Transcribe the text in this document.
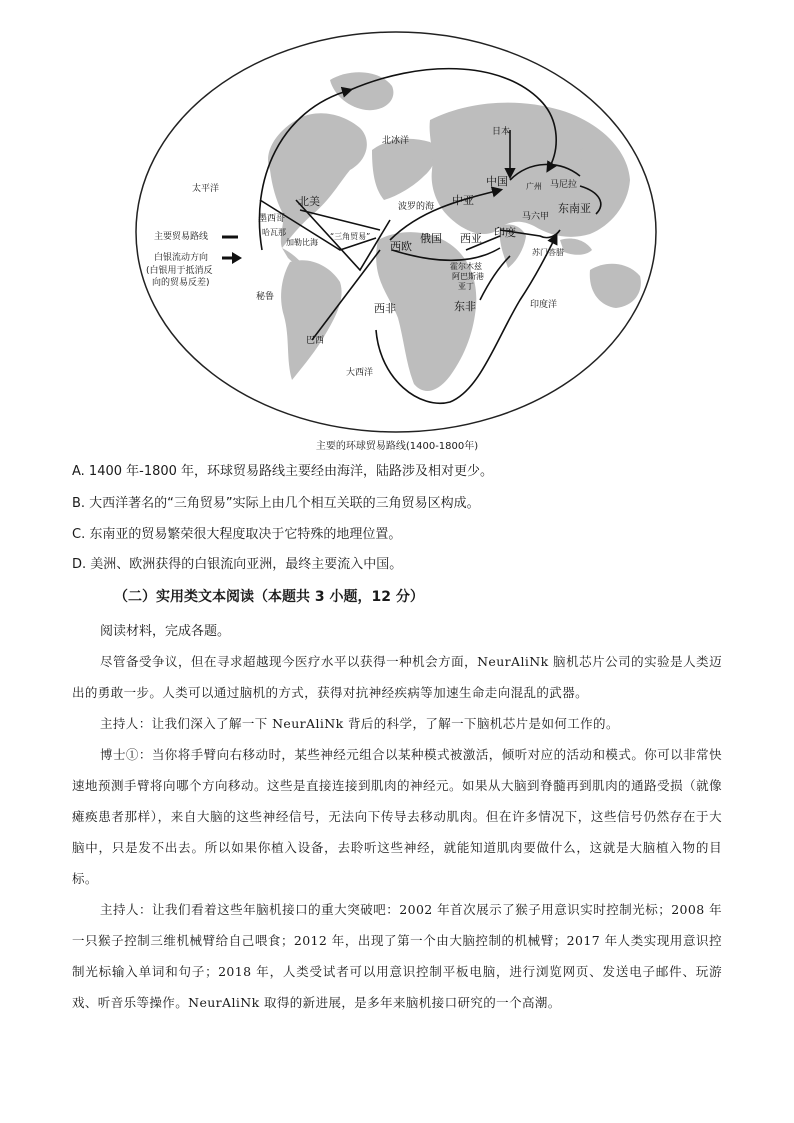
太平洋
北冰洋
日本
中国 广州 马尼拉
东南亚
马六甲
中亚
波罗的海
北美
墨西哥
哈瓦那
加勒比海
“三角贸易”
西欧
俄国 西亚 印度
苏门答腊
霍尔木兹
阿巴斯港
亚丁
秘鲁
西非	东非	印度洋
巴西
大西洋
主要贸易路线
白银流动方向
(白银用于抵消反
向的贸易反差)
主要的环球贸易路线(1400-1800年)
A. 1400 年-1800 年，环球贸易路线主要经由海洋，陆路涉及相对更少。
B. 大西洋著名的“三角贸易”实际上由几个相互关联的三角贸易区构成。
C. 东南亚的贸易繁荣很大程度取决于它特殊的地理位置。
D. 美洲、欧洲获得的白银流向亚洲，最终主要流入中国。
（二）实用类文本阅读（本题共 3 小题，12 分）
阅读材料，完成各题。
尽管备受争议，但在寻求超越现今医疗水平以获得一种机会方面，NeurAliNk 脑机芯片公司的实验是人类迈出的勇敢一步。人类可以通过脑机的方式，获得对抗神经疾病等加速生命走向混乱的武器。
主持人：让我们深入了解一下 NeurAliNk 背后的科学，了解一下脑机芯片是如何工作的。
博士①：当你将手臂向右移动时，某些神经元组合以某种模式被激活，倾听对应的活动和模式。你可以非常快速地预测手臂将向哪个方向移动。这些是直接连接到肌肉的神经元。如果从大脑到脊髓再到肌肉的通路受损（就像瘫痪患者那样），来自大脑的这些神经信号，无法向下传导去移动肌肉。但在许多情况下，这些信号仍然存在于大脑中，只是发不出去。所以如果你植入设备，去聆听这些神经，就能知道肌肉要做什么，这就是大脑植入物的目标。
主持人：让我们看着这些年脑机接口的重大突破吧：2002 年首次展示了猴子用意识实时控制光标；2008 年一只猴子控制三维机械臂给自己喂食；2012 年，出现了第一个由大脑控制的机械臂；2017 年人类实现用意识控制光标输入单词和句子；2018 年，人类受试者可以用意识控制平板电脑，进行浏览网页、发送电子邮件、玩游戏、听音乐等操作。NeurAliNk 取得的新进展，是多年来脑机接口研究的一个高潮。
